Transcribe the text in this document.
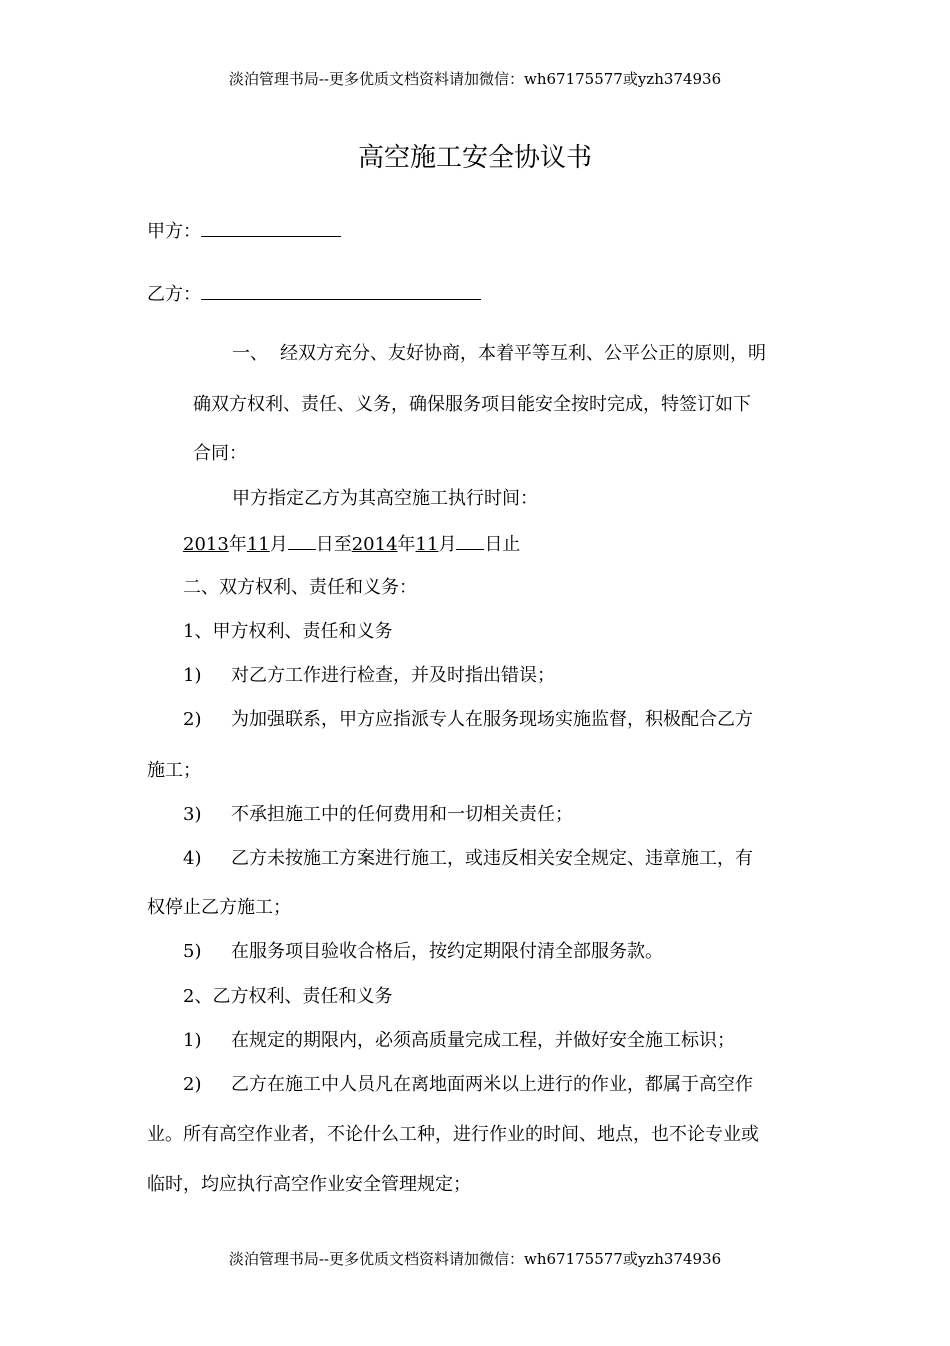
淡泊管理书局--更多优质文档资料请加微信：wh67175577或yzh374936
高空施工安全协议书
甲方：
乙方：
一、 经双方充分、友好协商，本着平等互利、公平公正的原则，明
确双方权利、责任、义务，确保服务项目能安全按时完成，特签订如下
合同：
甲方指定乙方为其高空施工执行时间：
2013年11月 日至2014年11月 日止
二、双方权利、责任和义务：
1、甲方权利、责任和义务
1) 对乙方工作进行检查，并及时指出错误；
2) 为加强联系，甲方应指派专人在服务现场实施监督，积极配合乙方
施工；
3) 不承担施工中的任何费用和一切相关责任；
4) 乙方未按施工方案进行施工，或违反相关安全规定、违章施工，有
权停止乙方施工；
5) 在服务项目验收合格后，按约定期限付清全部服务款。
2、乙方权利、责任和义务
1) 在规定的期限内，必须高质量完成工程，并做好安全施工标识；
2) 乙方在施工中人员凡在离地面两米以上进行的作业，都属于高空作
业。所有高空作业者，不论什么工种，进行作业的时间、地点，也不论专业或
临时，均应执行高空作业安全管理规定；
淡泊管理书局--更多优质文档资料请加微信：wh67175577或yzh374936
